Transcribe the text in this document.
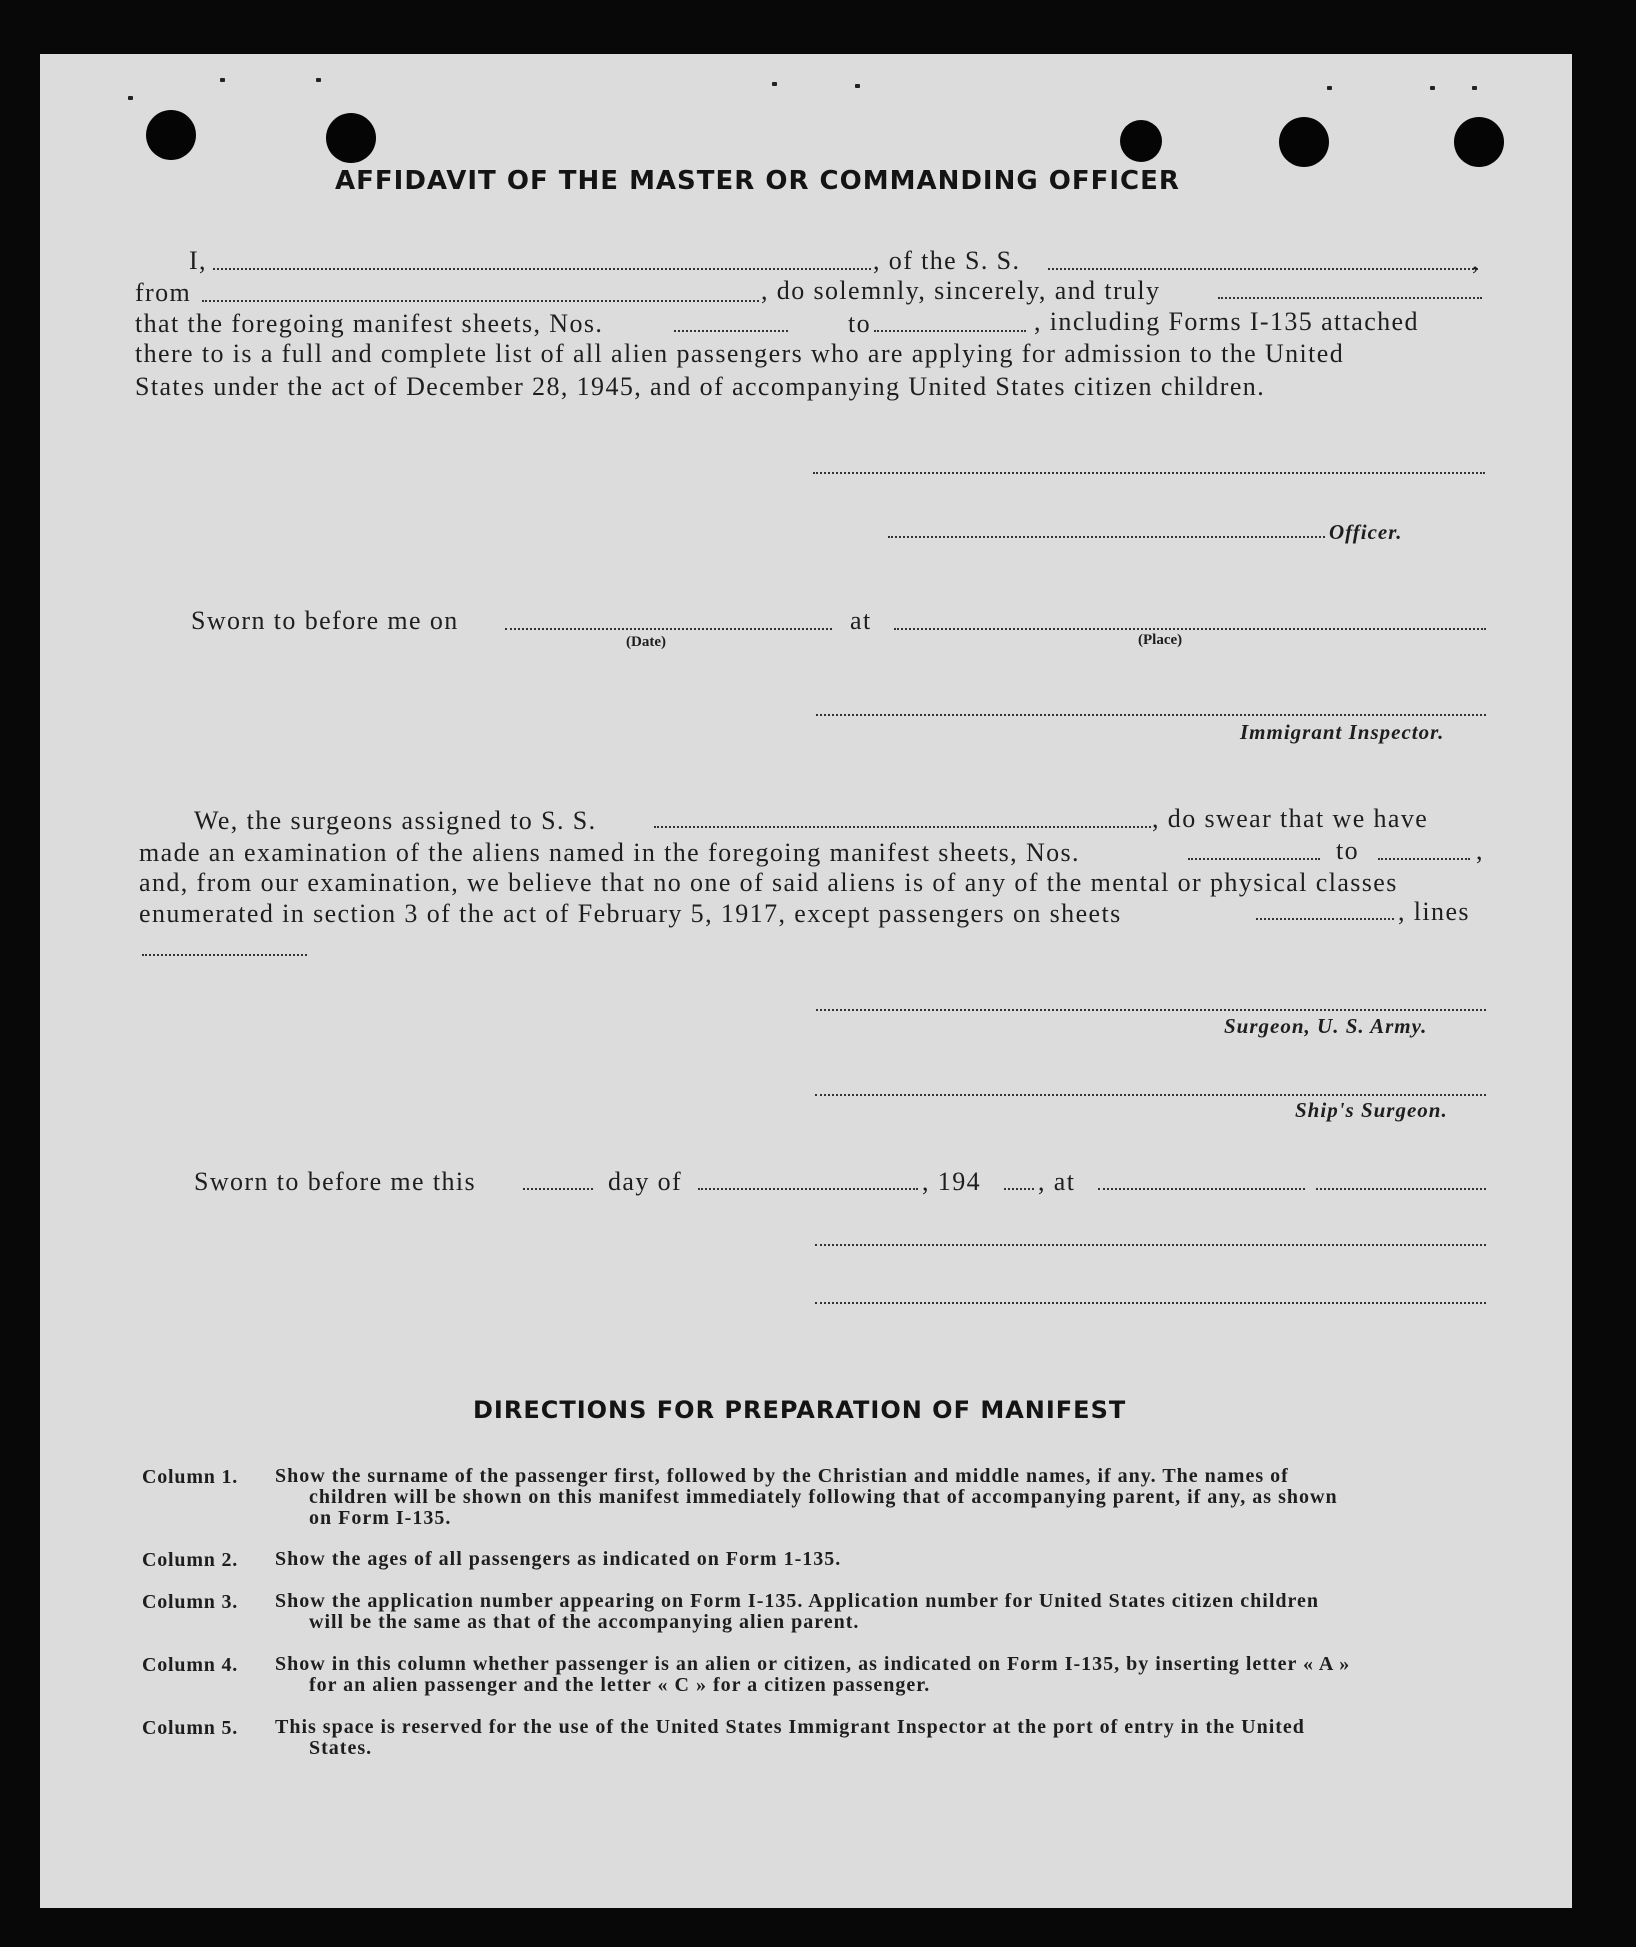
AFFIDAVIT OF THE MASTER OR COMMANDING OFFICER
I,	, of the S. S.	,
from	, do solemnly, sincerely, and truly
that the foregoing manifest sheets, Nos.	to	, including Forms I-135 attached
there to is a full and complete list of all alien passengers who are applying for admission to the United
States under the act of December 28, 1945, and of accompanying United States citizen children.
Officer.
Sworn to before me on	at
(Date)	(Place)
Immigrant Inspector.
We, the surgeons assigned to S. S.	, do swear that we have
made an examination of the aliens named in the foregoing manifest sheets, Nos.	to	,
and, from our examination, we believe that no one of said aliens is of any of the mental or physical classes
enumerated in section 3 of the act of February 5, 1917, except passengers on sheets	, lines
Surgeon, U. S. Army.
Ship's Surgeon.
Sworn to before me this	day of	, 194 , at
DIRECTIONS FOR PREPARATION OF MANIFEST
Column 1. Show the surname of the passenger first, followed by the Christian and middle names, if any. The names of
children will be shown on this manifest immediately following that of accompanying parent, if any, as shown
on Form I-135.
Column 2. Show the ages of all passengers as indicated on Form 1-135.
Column 3. Show the application number appearing on Form I-135. Application number for United States citizen children
will be the same as that of the accompanying alien parent.
Column 4. Show in this column whether passenger is an alien or citizen, as indicated on Form I-135, by inserting letter « A »
for an alien passenger and the letter « C » for a citizen passenger.
Column 5. This space is reserved for the use of the United States Immigrant Inspector at the port of entry in the United
States.
